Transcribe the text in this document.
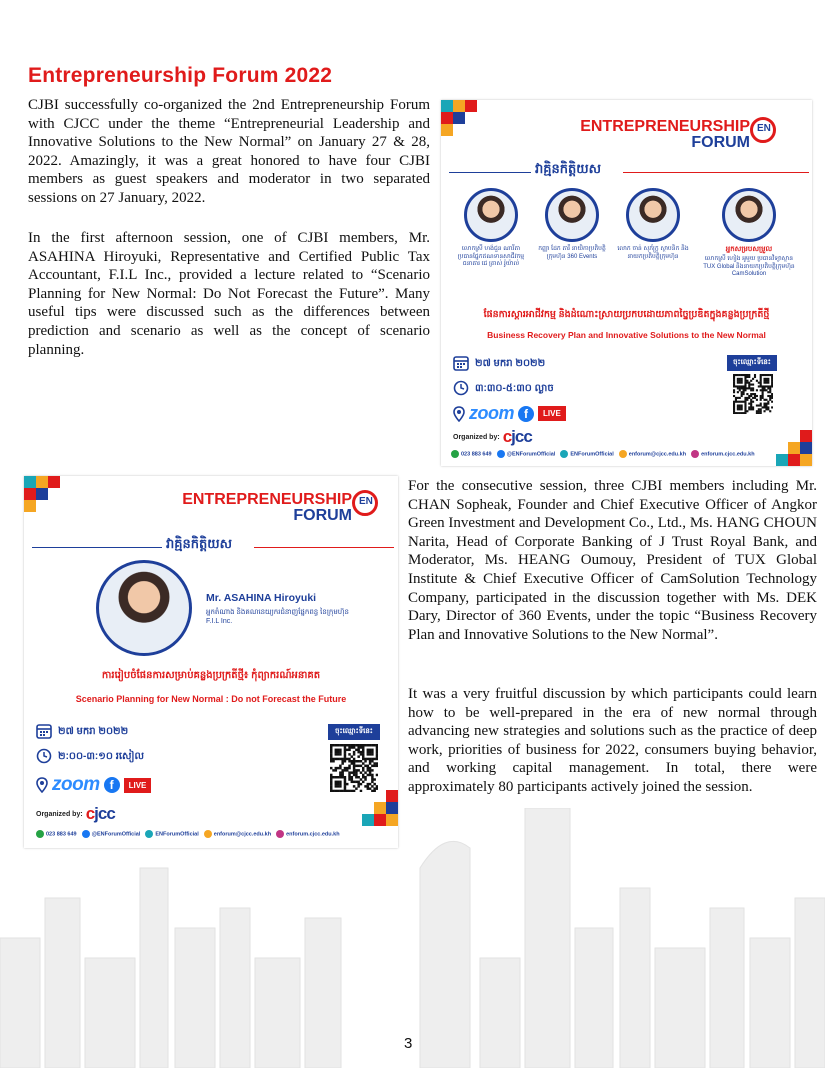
Entrepreneurship Forum 2022

CJBI successfully co-organized the 2nd Entrepreneurship Forum with CJCC under the theme “Entrepreneurial Leadership and Innovative Solutions to the New Normal” on January 27 & 28, 2022. Amazingly, it was a great honored to have four CJBI members as guest speakers and moderator in two separated sessions on 27 January, 2022.

In the first afternoon session, one of CJBI members, Mr. ASAHINA Hiroyuki, Representative and Certified Public Tax Accountant, F.I.L Inc., provided a lecture related to “Scenario Planning for New Normal: Do Not Forecast the Future”. Many useful tips were discussed such as the differences between prediction and scenario as well as the concept of scenario planning.

For the consecutive session, three CJBI members including Mr. CHAN Sopheak, Founder and Chief Executive Officer of Angkor Green Investment and Development Co., Ltd., Ms. HANG CHOUN Narita, Head of Corporate Banking of J Trust Royal Bank, and Moderator, Ms. HEANG Oumouy, President of TUX Global Institute & Chief Executive Officer of CamSolution Technology Company, participated in the discussion together with Ms. DEK Dary, Director of 360 Events, under the topic “Business Recovery Plan and Innovative Solutions to the New Normal”.

It was a very fruitful discussion by which participants could learn how to be well-prepared in the era of new normal through advancing new strategies and solutions such as the practice of deep work, priorities of business for 2022, consumers buying behavior, and working capital management. In total, there were approximately 80 participants actively joined the session.

3
ENTREPRENEURSHIP
FORUM
EN
វាគ្មិនកិត្តិយស
លោកស្រី ហង់ជួន ណារីតា ប្រធានផ្នែកឥណទានសាជីវកម្ម ធនាគារ ជេ ត្រាស់ រ៉ូយ៉ាល់
កញ្ញា ដែក តារី នាយិកាប្រតិបត្តិ ក្រុមហ៊ុន 360 Events
លោក ចាន់ សុភ័ក្ត្រ ស្ថាបនិក និងនាយកប្រតិបត្តិក្រុមហ៊ុន
អ្នកសម្របសម្រួល
លោកស្រី ហៀង អូមួយ ប្រធានវិទ្យាស្ថាន TUX Global និងនាយកប្រតិបត្តិក្រុមហ៊ុន CamSolution
ផែនការស្តារអាជីវកម្ម និងដំណោះស្រាយប្រកបដោយភាពច្នៃប្រឌិតក្នុងគន្លងប្រក្រតីថ្មី
Business Recovery Plan and Innovative Solutions to the New Normal
២៧ មករា ២០២២
៣:៣០-៥:៣០ ល្ងាច
zoom f	LIVE
Organized by: cjcc
ចុះឈ្មោះទីនេះ
023 883 649	@ENForumOfficial	ENForumOfficial	enforum@cjcc.edu.kh	enforum.cjcc.edu.kh
ENTREPRENEURSHIP
FORUM
EN
វាគ្មិនកិត្តិយស
Mr. ASAHINA Hiroyuki
អ្នកតំណាង និងគណនេយ្យករជំនាញផ្នែកពន្ធ នៃក្រុមហ៊ុន F.I.L Inc.
ការរៀបចំផែនការសម្រាប់គន្លងប្រក្រតីថ្មី៖ កុំព្យាករណ៍អនាគត
Scenario Planning for New Normal : Do not Forecast the Future
២៧ មករា ២០២២
២:០០-៣:១០ រសៀល
zoom f	LIVE
Organized by: cjcc
ចុះឈ្មោះទីនេះ
023 883 649	@ENForumOfficial	ENForumOfficial	enforum@cjcc.edu.kh	enforum.cjcc.edu.kh
